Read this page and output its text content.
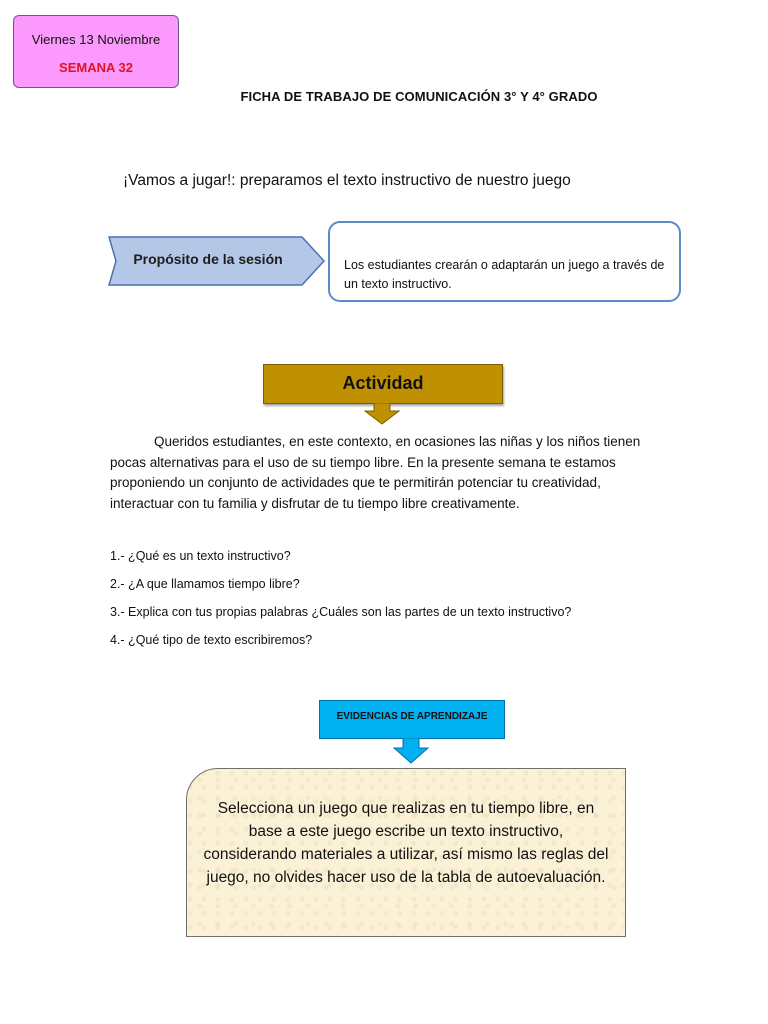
Viernes 13 Noviembre
SEMANA 32
FICHA DE TRABAJO DE COMUNICACIÓN 3° Y 4° GRADO
¡Vamos a jugar!: preparamos el texto instructivo de nuestro juego
Propósito de la sesión	Los estudiantes crearán o adaptarán un juego a través de un texto instructivo.
Actividad
Queridos estudiantes, en este contexto, en ocasiones las niñas y los niños tienen pocas alternativas para el uso de su tiempo libre. En la presente semana te estamos proponiendo un conjunto de actividades que te permitirán potenciar tu creatividad, interactuar con tu familia y disfrutar de tu tiempo libre creativamente.
1.- ¿Qué es un texto instructivo?
2.- ¿A que llamamos tiempo libre?
3.- Explica con tus propias palabras ¿Cuáles son las partes de un texto instructivo?
4.- ¿Qué tipo de texto escribiremos?
EVIDENCIAS DE APRENDIZAJE
Selecciona un juego que realizas en tu tiempo libre, en base a este juego escribe un texto instructivo, considerando materiales a utilizar, así mismo las reglas del juego, no olvides hacer uso de la tabla de autoevaluación.
